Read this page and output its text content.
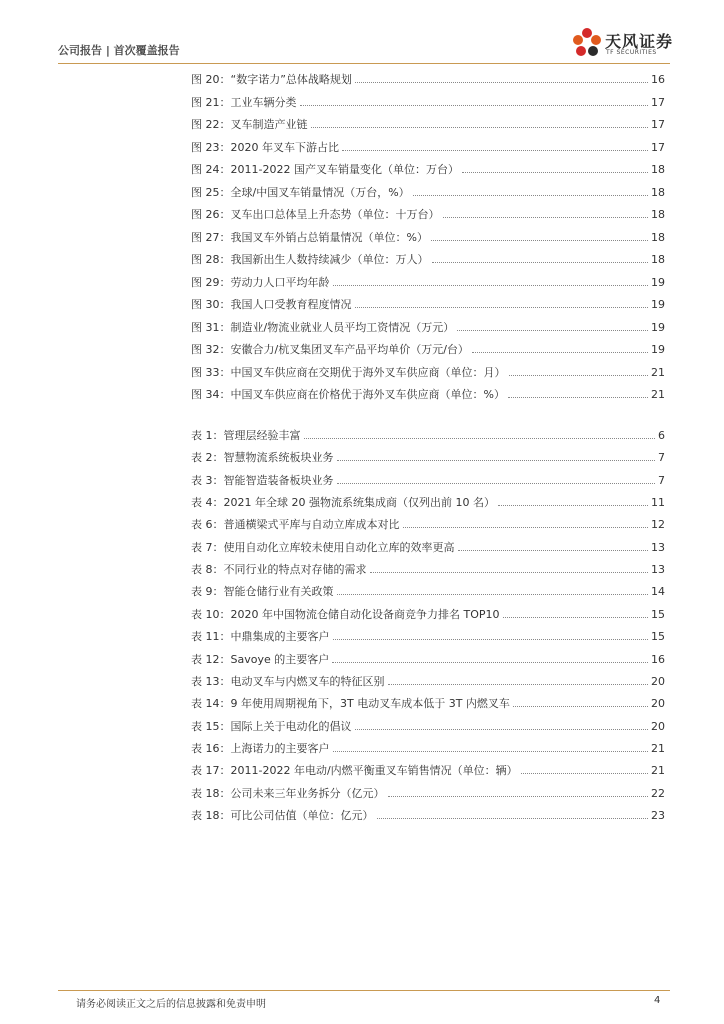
公司报告 | 首次覆盖报告	天风证券
TF SECURITIES
图 20：“数字诺力”总体战略规划	16
图 21：工业车辆分类	17
图 22：叉车制造产业链	17
图 23：2020 年叉车下游占比	17
图 24：2011-2022 国产叉车销量变化（单位：万台）	18
图 25：全球/中国叉车销量情况（万台，%）	18
图 26：叉车出口总体呈上升态势（单位：十万台）	18
图 27：我国叉车外销占总销量情况（单位：%）	18
图 28：我国新出生人数持续减少（单位：万人）	18
图 29：劳动力人口平均年龄	19
图 30：我国人口受教育程度情况	19
图 31：制造业/物流业就业人员平均工资情况（万元）	19
图 32：安徽合力/杭叉集团叉车产品平均单价（万元/台）	19
图 33：中国叉车供应商在交期优于海外叉车供应商（单位：月）	21
图 34：中国叉车供应商在价格优于海外叉车供应商（单位：%）	21
表 1：管理层经验丰富	6
表 2：智慧物流系统板块业务	7
表 3：智能智造装备板块业务	7
表 4：2021 年全球 20 强物流系统集成商（仅列出前 10 名）	11
表 6：普通横梁式平库与自动立库成本对比	12
表 7：使用自动化立库较未使用自动化立库的效率更高	13
表 8：不同行业的特点对存储的需求	13
表 9：智能仓储行业有关政策	14
表 10：2020 年中国物流仓储自动化设备商竞争力排名 TOP10	15
表 11：中鼎集成的主要客户	15
表 12：Savoye 的主要客户	16
表 13：电动叉车与内燃叉车的特征区别	20
表 14：9 年使用周期视角下，3T 电动叉车成本低于 3T 内燃叉车	20
表 15：国际上关于电动化的倡议	20
表 16：上海诺力的主要客户	21
表 17：2011-2022 年电动/内燃平衡重叉车销售情况（单位：辆）	21
表 18：公司未来三年业务拆分（亿元）	22
表 18：可比公司估值（单位：亿元）	23
请务必阅读正文之后的信息披露和免责申明	4
